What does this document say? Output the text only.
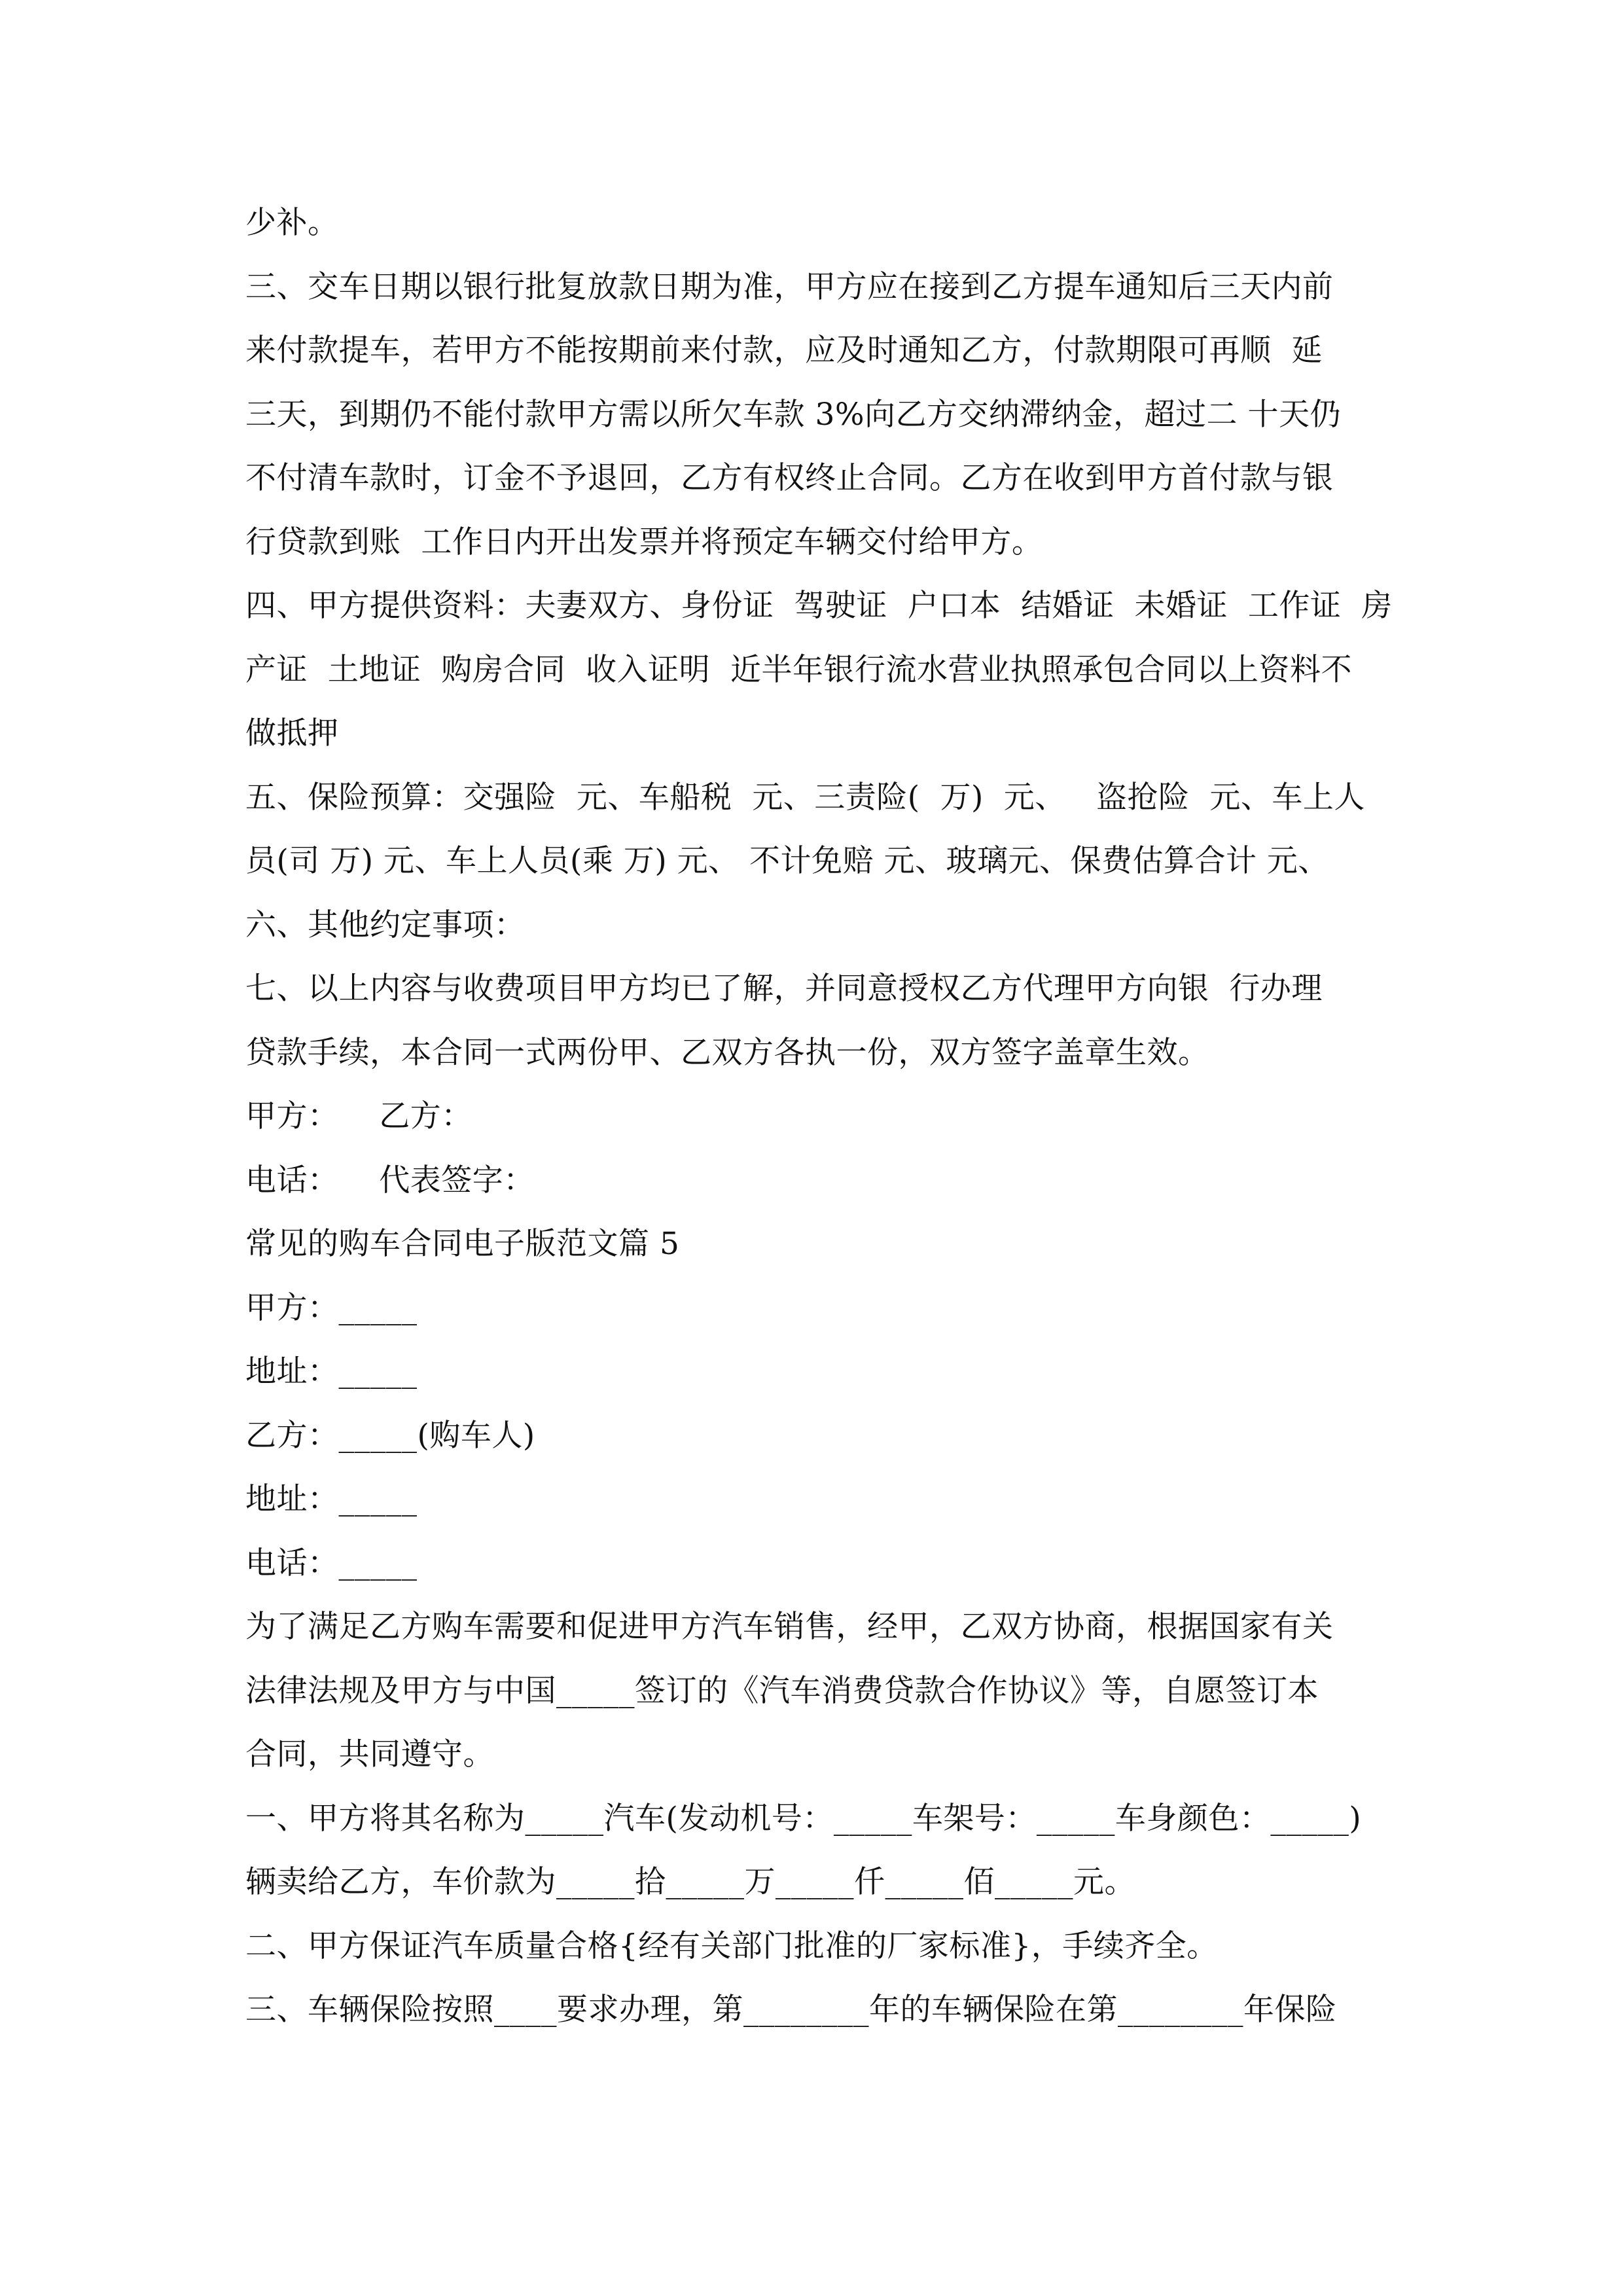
少补。
三、交车日期以银行批复放款日期为准，甲方应在接到乙方提车通知后三天内前
来付款提车，若甲方不能按期前来付款，应及时通知乙方，付款期限可再顺  延
三天，到期仍不能付款甲方需以所欠车款 3%向乙方交纳滞纳金，超过二 十天仍
不付清车款时，订金不予退回，乙方有权终止合同。乙方在收到甲方首付款与银
行贷款到账  工作日内开出发票并将预定车辆交付给甲方。
四、甲方提供资料：夫妻双方、身份证  驾驶证  户口本  结婚证  未婚证  工作证  房
产证  土地证  购房合同  收入证明  近半年银行流水营业执照承包合同以上资料不
做抵押
五、保险预算：交强险  元、车船税  元、三责险(  万)  元、   盗抢险  元、车上人
员(司 万) 元、车上人员(乘 万) 元、 不计免赔 元、玻璃元、保费估算合计 元、
六、其他约定事项：
七、以上内容与收费项目甲方均已了解，并同意授权乙方代理甲方向银  行办理
贷款手续，本合同一式两份甲、乙双方各执一份，双方签字盖章生效。
甲方：    乙方：
电话：    代表签字：
常见的购车合同电子版范文篇 5
甲方：_____
地址：_____
乙方：_____(购车人)
地址：_____
电话：_____
为了满足乙方购车需要和促进甲方汽车销售，经甲，乙双方协商，根据国家有关
法律法规及甲方与中国_____签订的《汽车消费贷款合作协议》等，自愿签订本
合同，共同遵守。
一、甲方将其名称为_____汽车(发动机号：_____车架号：_____车身颜色：_____)
辆卖给乙方，车价款为_____拾_____万_____仟_____佰_____元。
二、甲方保证汽车质量合格{经有关部门批准的厂家标准}，手续齐全。
三、车辆保险按照____要求办理，第________年的车辆保险在第________年保险
